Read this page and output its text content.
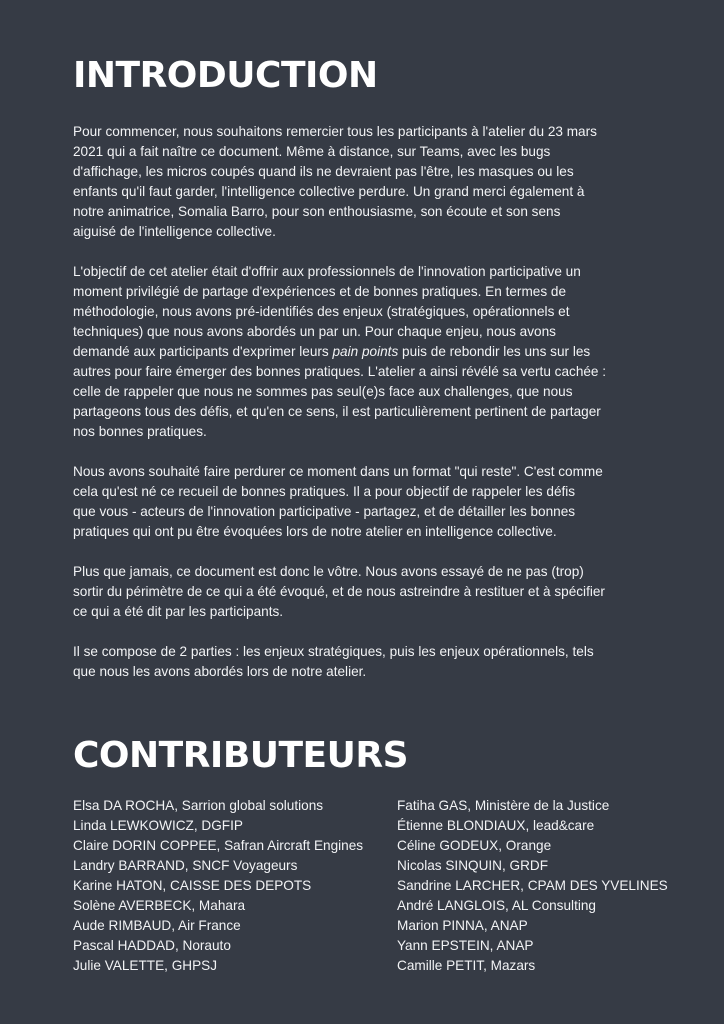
INTRODUCTION

Pour commencer, nous souhaitons remercier tous les participants à l'atelier du 23 mars
2021 qui a fait naître ce document. Même à distance, sur Teams, avec les bugs
d'affichage, les micros coupés quand ils ne devraient pas l'être, les masques ou les
enfants qu'il faut garder, l'intelligence collective perdure. Un grand merci également à
notre animatrice, Somalia Barro, pour son enthousiasme, son écoute et son sens
aiguisé de l'intelligence collective.

L'objectif de cet atelier était d'offrir aux professionnels de l'innovation participative un
moment privilégié de partage d'expériences et de bonnes pratiques. En termes de
méthodologie, nous avons pré-identifiés des enjeux (stratégiques, opérationnels et
techniques) que nous avons abordés un par un. Pour chaque enjeu, nous avons
demandé aux participants d'exprimer leurs pain points puis de rebondir les uns sur les
autres pour faire émerger des bonnes pratiques. L'atelier a ainsi révélé sa vertu cachée :
celle de rappeler que nous ne sommes pas seul(e)s face aux challenges, que nous
partageons tous des défis, et qu'en ce sens, il est particulièrement pertinent de partager
nos bonnes pratiques.

Nous avons souhaité faire perdurer ce moment dans un format "qui reste". C'est comme
cela qu'est né ce recueil de bonnes pratiques. Il a pour objectif de rappeler les défis
que vous - acteurs de l'innovation participative - partagez, et de détailler les bonnes
pratiques qui ont pu être évoquées lors de notre atelier en intelligence collective.

Plus que jamais, ce document est donc le vôtre. Nous avons essayé de ne pas (trop)
sortir du périmètre de ce qui a été évoqué, et de nous astreindre à restituer et à spécifier
ce qui a été dit par les participants.

Il se compose de 2 parties : les enjeux stratégiques, puis les enjeux opérationnels, tels
que nous les avons abordés lors de notre atelier.

CONTRIBUTEURS
Elsa DA ROCHA, Sarrion global solutions
Linda LEWKOWICZ, DGFIP
Claire DORIN COPPEE, Safran Aircraft Engines
Landry BARRAND, SNCF Voyageurs
Karine HATON, CAISSE DES DEPOTS
Solène AVERBECK, Mahara
Aude RIMBAUD, Air France
Pascal HADDAD, Norauto
Julie VALETTE, GHPSJ
Fatiha GAS, Ministère de la Justice
Étienne BLONDIAUX, lead&care
Céline GODEUX, Orange
Nicolas SINQUIN, GRDF
Sandrine LARCHER, CPAM DES YVELINES
André LANGLOIS, AL Consulting
Marion PINNA, ANAP
Yann EPSTEIN, ANAP
Camille PETIT, Mazars
